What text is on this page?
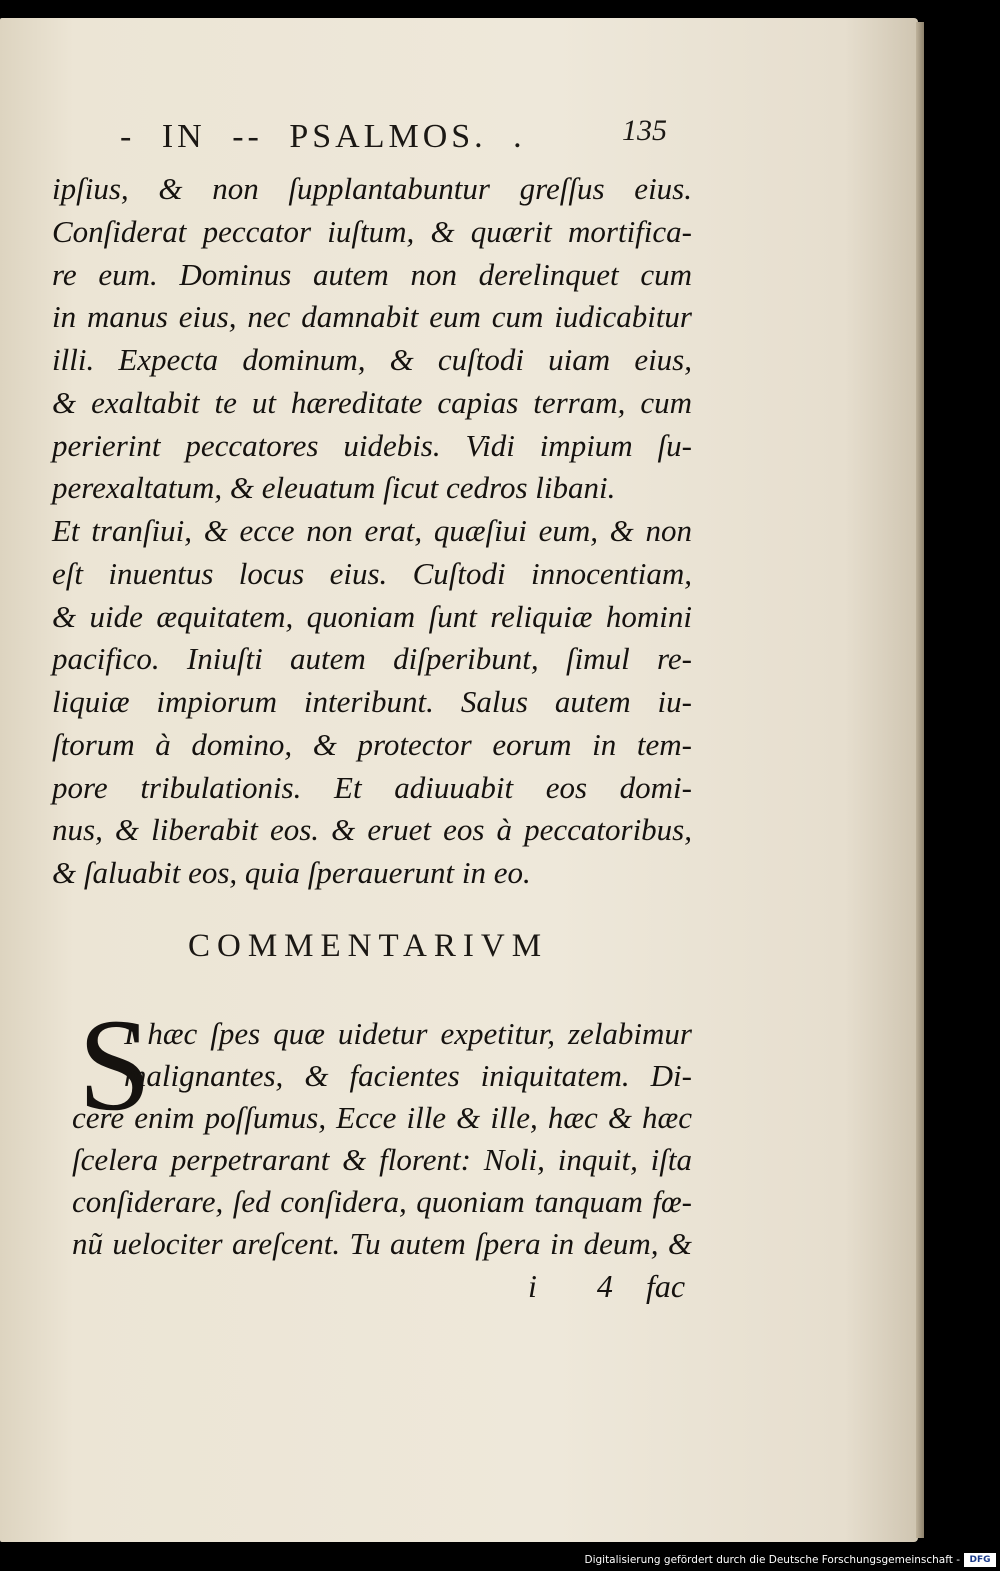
- IN -- PSALMOS. .	135
ipſius, & non ſupplantabuntur greſſus eius.
Conſiderat peccator iuſtum, & quærit mortifica-
re eum. Dominus autem non derelinquet cum
in manus eius, nec damnabit eum cum iudicabitur
illi. Expecta dominum, & cuſtodi uiam eius,
& exaltabit te ut hæreditate capias terram, cum
perierint peccatores uidebis. Vidi impium ſu-
perexaltatum, & eleuatum ſicut cedros libani.
Et tranſiui, & ecce non erat, quæſiui eum, & non
eſt inuentus locus eius. Cuſtodi innocentiam,
& uide æquitatem, quoniam ſunt reliquiæ homini
pacifico. Iniuſti autem diſperibunt, ſimul re-
liquiæ impiorum interibunt. Salus autem iu-
ſtorum à domino, & protector eorum in tem-
pore tribulationis. Et adiuuabit eos domi-
nus, & liberabit eos. & eruet eos à peccatoribus,
& ſaluabit eos, quia ſperauerunt in eo.
COMMENTARIVM
S
I hæc ſpes quæ uidetur expetitur, zelabimur
malignantes, & facientes iniquitatem. Di-
cere enim poſſumus, Ecce ille & ille, hæc & hæc
ſcelera perpetrarant & florent: Noli, inquit, iſta
conſiderare, ſed conſidera, quoniam tanquam fœ-
nũ uelociter areſcent. Tu autem ſpera in deum, &
i 4 fac
Digitalisierung gefördert durch die Deutsche Forschungsgemeinschaft -	DFG
